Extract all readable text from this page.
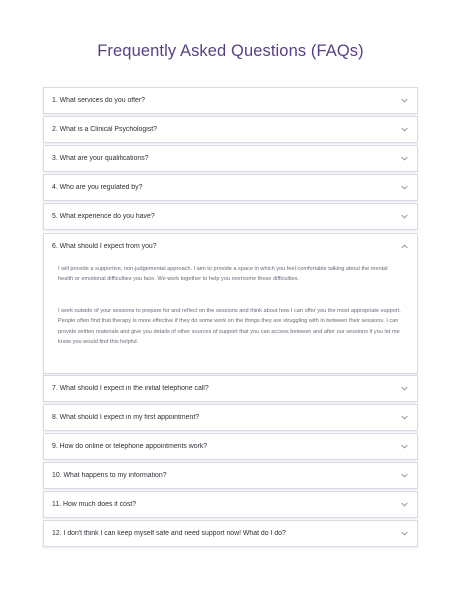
Frequently Asked Questions (FAQs)
1. What services do you offer?
2. What is a Clinical Psychologist?
3. What are your qualifications?
4. Who are you regulated by?
5. What experience do you have?
6. What should I expect from you?

I will provide a supportive, non-judgemental approach. I aim to provide a space in which you feel comfortable talking about the mental health or emotional difficulties you face. We work together to help you overcome these difficulties.

I work outside of your sessions to prepare for and reflect on the sessions and think about how I can offer you the most appropriate support. People often find that therapy is more effective if they do some work on the things they are struggling with in between their sessions. I can provide written materials and give you details of other sources of support that you can access between and after our sessions if you let me know you would find this helpful.

7. What should I expect in the initial telephone call?
8. What should I expect in my first appointment?
9. How do online or telephone appointments work?
10. What happens to my information?
11. How much does it cost?
12. I don't think I can keep myself safe and need support now! What do I do?
